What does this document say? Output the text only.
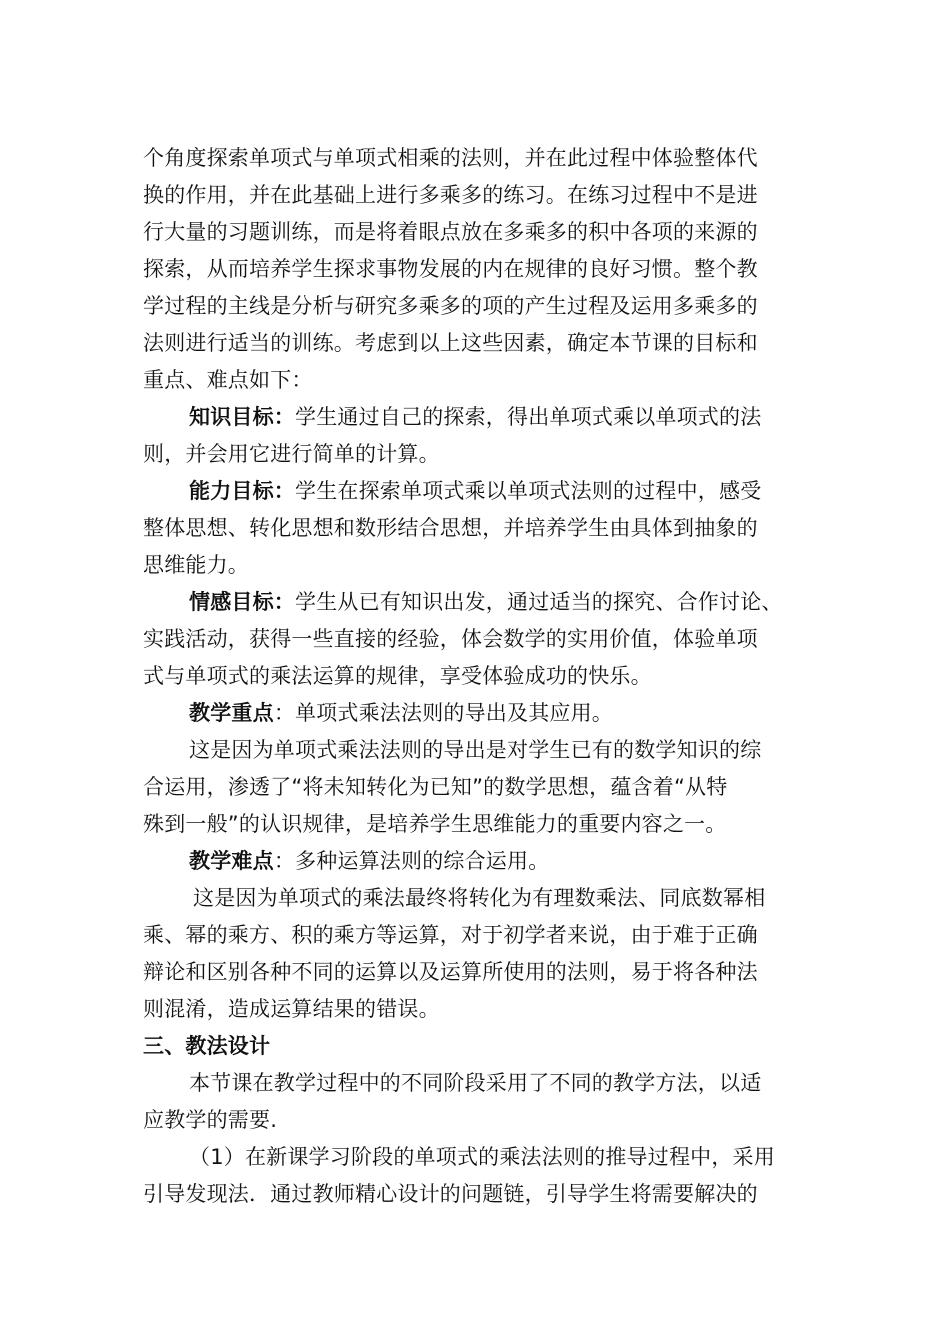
个角度探索单项式与单项式相乘的法则，并在此过程中体验整体代
换的作用，并在此基础上进行多乘多的练习。在练习过程中不是进
行大量的习题训练，而是将着眼点放在多乘多的积中各项的来源的
探索，从而培养学生探求事物发展的内在规律的良好习惯。整个教
学过程的主线是分析与研究多乘多的项的产生过程及运用多乘多的
法则进行适当的训练。考虑到以上这些因素，确定本节课的目标和
重点、难点如下：
知识目标：学生通过自己的探索，得出单项式乘以单项式的法
则，并会用它进行简单的计算。
能力目标：学生在探索单项式乘以单项式法则的过程中，感受
整体思想、转化思想和数形结合思想，并培养学生由具体到抽象的
思维能力。
情感目标：学生从已有知识出发，通过适当的探究、合作讨论、
实践活动，获得一些直接的经验，体会数学的实用价值，体验单项
式与单项式的乘法运算的规律，享受体验成功的快乐。
教学重点：单项式乘法法则的导出及其应用。
这是因为单项式乘法法则的导出是对学生已有的数学知识的综
合运用，渗透了“将未知转化为已知”的数学思想，蕴含着“从特
殊到一般”的认识规律，是培养学生思维能力的重要内容之一。
教学难点：多种运算法则的综合运用。
这是因为单项式的乘法最终将转化为有理数乘法、同底数幂相
乘、幂的乘方、积的乘方等运算，对于初学者来说，由于难于正确
辩论和区别各种不同的运算以及运算所使用的法则，易于将各种法
则混淆，造成运算结果的错误。
三、教法设计
本节课在教学过程中的不同阶段采用了不同的教学方法，以适
应教学的需要.
（1）在新课学习阶段的单项式的乘法法则的推导过程中，采用
引导发现法．通过教师精心设计的问题链，引导学生将需要解决的
